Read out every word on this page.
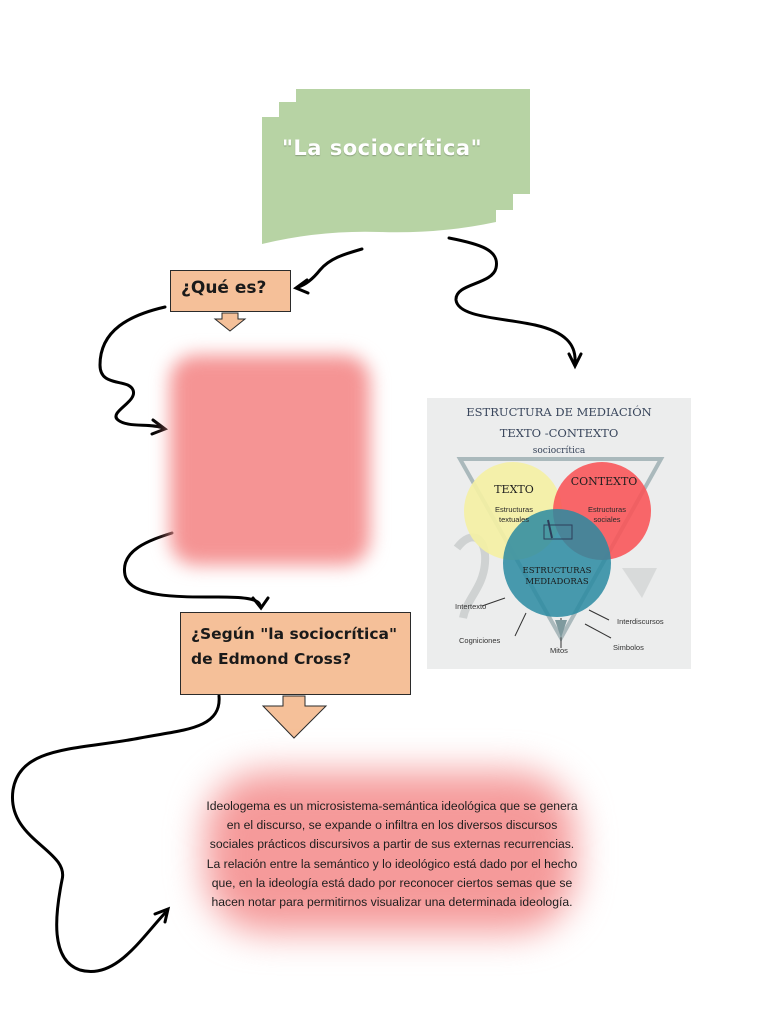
"La sociocrítica"
¿Qué es?
¿Según "la sociocrítica"
de Edmond Cross?
Ideologema es un microsistema-semántica ideológica que se genera
en el discurso, se expande o infiltra en los diversos discursos
sociales prácticos discursivos a partir de sus externas recurrencias.
La relación entre la semántico y lo ideológico está dado por el hecho
que, en la ideología está dado por reconocer ciertos semas que se
hacen notar para permitirnos visualizar una determinada ideología.
ESTRUCTURA DE MEDIACIÓN
TEXTO -CONTEXTO
sociocrítica
TEXTO
Estructuras
textuales
CONTEXTO
Estructuras
sociales
ESTRUCTURAS
MEDIADORAS
Intertexto
Cogniciones
Mitos
Interdiscursos
Simbolos
